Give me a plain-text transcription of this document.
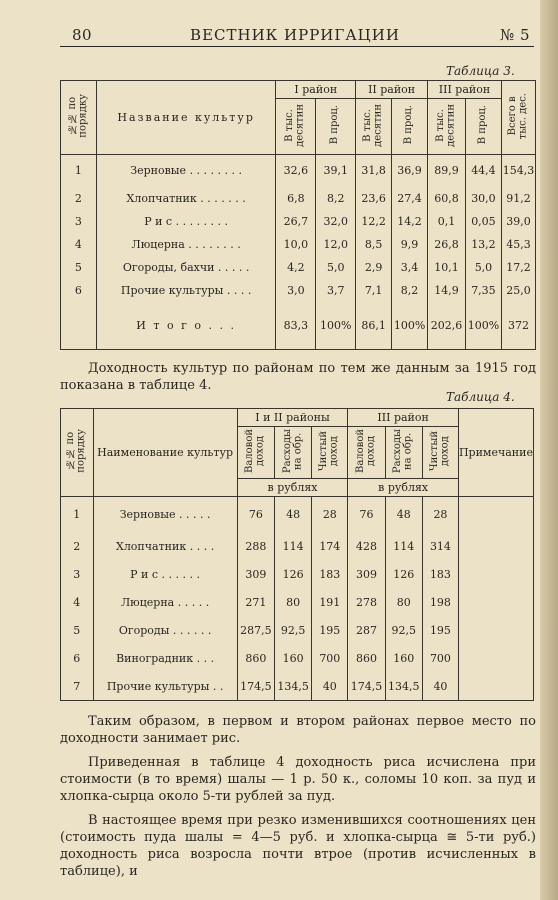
80	ВЕСТНИК ИРРИГАЦИИ	№ 5
Таблица 3.
№№ по
порядку	Название культур	I район		II район		III район		Всего в
тыс. дес.
		В тыс.
десятин	В проц.	В тыс.
десятин	В проц.	В тыс.
десятин	В проц.	
1	Зерновые . . . . . . . .	32,6	39,1	31,8	36,9	89,9	44,4	154,3
2	Хлопчатник . . . . . . .	6,8	8,2	23,6	27,4	60,8	30,0	91,2
3	Р и с . . . . . . . .	26,7	32,0	12,2	14,2	0,1	0,05	39,0
4	Люцерна . . . . . . . .	10,0	12,0	8,5	9,9	26,8	13,2	45,3
5	Огороды, бахчи . . . . .	4,2	5,0	2,9	3,4	10,1	5,0	17,2
6	Прочие культуры . . . .	3,0	3,7	7,1	8,2	14,9	7,35	25,0
	И т о г о . . .	83,3	100%	86,1	100%	202,6	100%	372

Доходность культур по районам по тем же данным за 1915 год показана в таблице 4.

Таблица 4.
№№ по
порядку	Наименование культур	I и II районы			III район			Примечание
		Валовой
доход	Расходы
на обр.	Чистый
доход	Валовой
доход	Расходы
на обр.	Чистый
доход	
		в рублях			в рублях			
1	Зерновые . . . . .	76	48	28	76	48	28	
2	Хлопчатник . . . .	288	114	174	428	114	314	
3	Р и с . . . . . .	309	126	183	309	126	183	
4	Люцерна . . . . .	271	80	191	278	80	198	
5	Огороды . . . . . .	287,5	92,5	195	287	92,5	195	
6	Виноградник . . .	860	160	700	860	160	700	
7	Прочие культуры . .	174,5	134,5	40	174,5	134,5	40	

Таким образом, в первом и втором районах первое место по доходности занимает рис.

Приведенная в таблице 4 доходность риса исчислена при стоимости (в то время) шалы — 1 р. 50 к., соломы 10 коп. за пуд и хлопка-сырца около 5-ти рублей за пуд.

В настоящее время при резко изменившихся соотношениях цен (стоимость пуда шалы = 4—5 руб. и хлопка-сырца ≅ 5-ти руб.) доходность риса возросла почти втрое (против исчисленных в таблице), и
